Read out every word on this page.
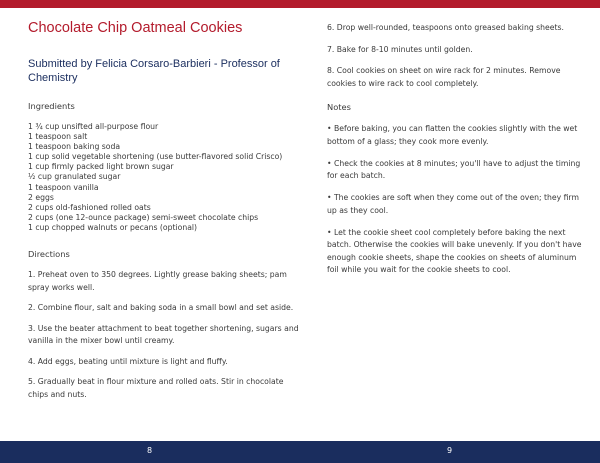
Chocolate Chip Oatmeal Cookies
Submitted by Felicia Corsaro-Barbieri - Professor of Chemistry
Ingredients
1 ¾ cup unsifted all-purpose flour
1 teaspoon salt
1 teaspoon baking soda
1 cup solid vegetable shortening (use butter-flavored solid Crisco)
1 cup firmly packed light brown sugar
½ cup granulated sugar
1 teaspoon vanilla
2 eggs
2 cups old-fashioned rolled oats
2 cups (one 12-ounce package) semi-sweet chocolate chips
1 cup chopped walnuts or pecans (optional)
Directions

1. Preheat oven to 350 degrees. Lightly grease baking sheets; pam spray works well.

2. Combine flour, salt and baking soda in a small bowl and set aside.

3. Use the beater attachment to beat together shortening, sugars and vanilla in the mixer bowl until creamy.

4. Add eggs, beating until mixture is light and fluffy.

5. Gradually beat in flour mixture and rolled oats. Stir in chocolate chips and nuts.

6. Drop well-rounded, teaspoons onto greased baking sheets.

7. Bake for 8-10 minutes until golden.

8. Cool cookies on sheet on wire rack for 2 minutes. Remove cookies to wire rack to cool completely.

Notes

• Before baking, you can flatten the cookies slightly with the wet bottom of a glass; they cook more evenly.

• Check the cookies at 8 minutes; you'll have to adjust the timing for each batch.

• The cookies are soft when they come out of the oven; they firm up as they cool.

• Let the cookie sheet cool completely before baking the next batch. Otherwise the cookies will bake unevenly. If you don't have enough cookie sheets, shape the cookies on sheets of aluminum foil while you wait for the cookie sheets to cool.

8	9
